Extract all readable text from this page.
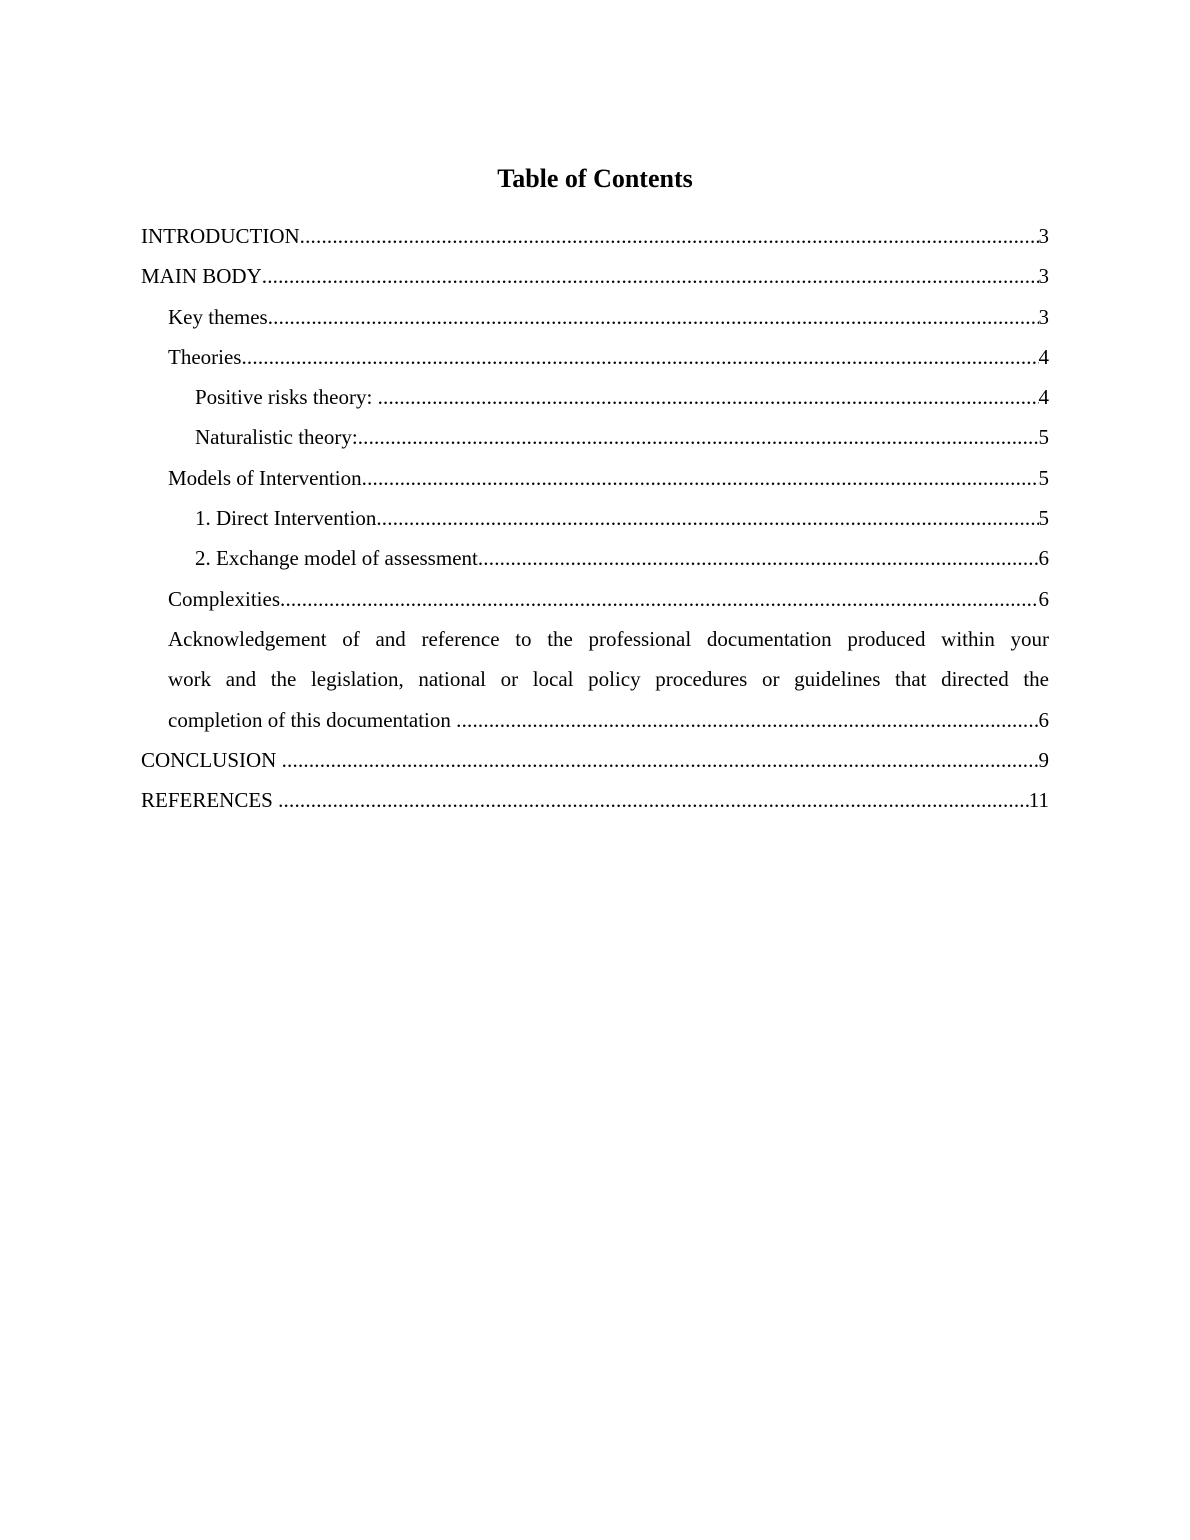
Table of Contents
INTRODUCTION .....	3
MAIN BODY .....	3
Key themes .....	3
Theories .....	4
Positive risks theory: .....	4
Naturalistic theory: .....	5
Models of Intervention .....	5
1. Direct Intervention .....	5
2. Exchange model of assessment .....	6
Complexities .....	6
Acknowledgement of and reference to the professional documentation produced within your
work and the legislation, national or local policy procedures or guidelines that directed the
completion of this documentation .....	6
CONCLUSION .....	9
REFERENCES .....	11
